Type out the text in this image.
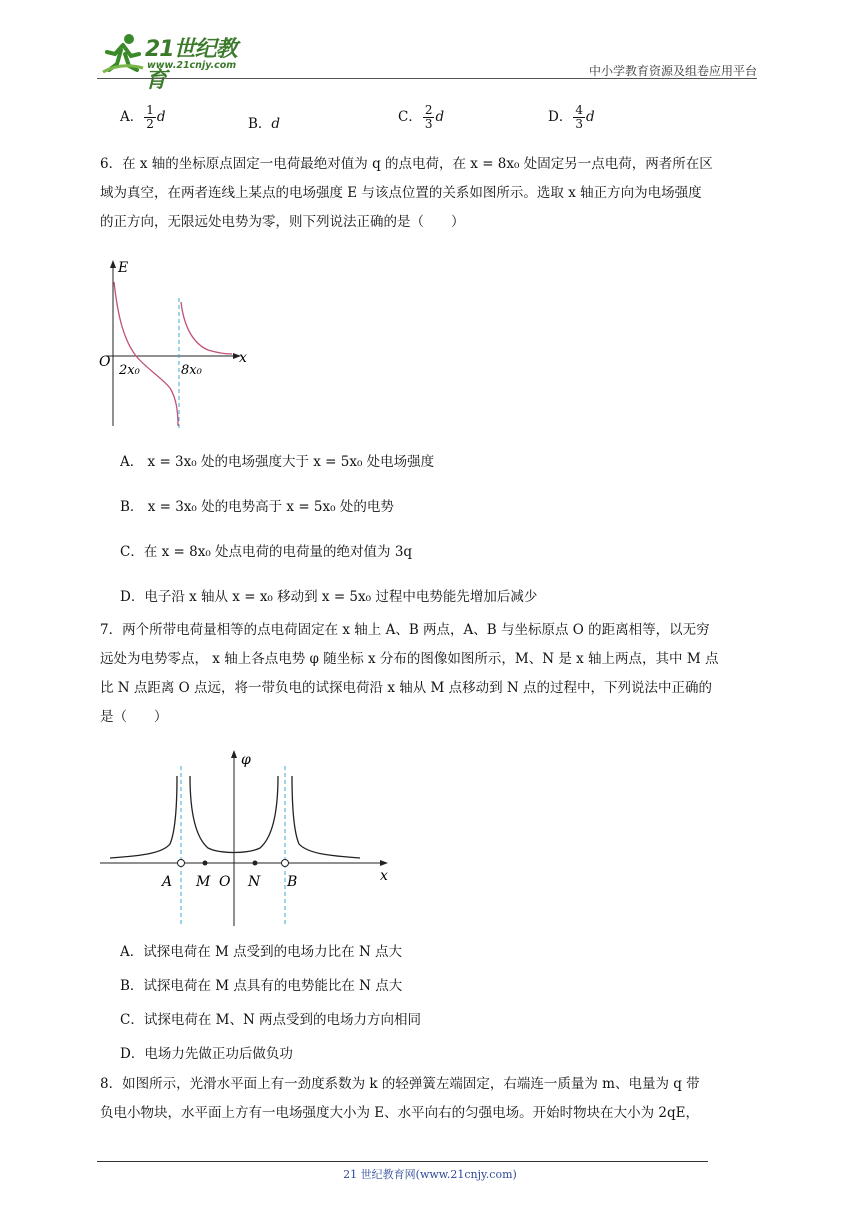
21世纪教育
www.21cnjy.com	中小学教育资源及组卷应用平台
A． $\frac{1}{2}$ d	B．d	C． $\frac{2}{3}$ d	D． $\frac{4}{3}$ d
6．在 x 轴的坐标原点固定一电荷最绝对值为 q 的点电荷，在 x = 8x₀ 处固定另一点电荷，两者所在区
域为真空，在两者连线上某点的电场强度 E 与该点位置的关系如图所示。选取 x 轴正方向为电场强度
的正方向，无限远处电势为零，则下列说法正确的是（　　）
E
x
O
2x₀	8x₀
A． x = 3x₀ 处的电场强度大于 x = 5x₀ 处电场强度
B． x = 3x₀ 处的电势高于 x = 5x₀ 处的电势
C．在 x = 8x₀ 处点电荷的电荷量的绝对值为 3q
D．电子沿 x 轴从 x = x₀ 移动到 x = 5x₀ 过程中电势能先增加后减少
7．两个所带电荷量相等的点电荷固定在 x 轴上 A、B 两点，A、B 与坐标原点 O 的距离相等，以无穷
远处为电势零点， x 轴上各点电势 φ 随坐标 x 分布的图像如图所示，M、N 是 x 轴上两点，其中 M 点
比 N 点距离 O 点远，将一带负电的试探电荷沿 x 轴从 M 点移动到 N 点的过程中，下列说法中正确的
是（　　）
φ
x
A M O N B
A．试探电荷在 M 点受到的电场力比在 N 点大
B．试探电荷在 M 点具有的电势能比在 N 点大
C．试探电荷在 M、N 两点受到的电场力方向相同
D．电场力先做正功后做负功
8．如图所示，光滑水平面上有一劲度系数为 k 的轻弹簧左端固定，右端连一质量为 m、电量为 q 带
负电小物块，水平面上方有一电场强度大小为 E、水平向右的匀强电场。开始时物块在大小为 2qE，
21 世纪教育网(www.21cnjy.com)
